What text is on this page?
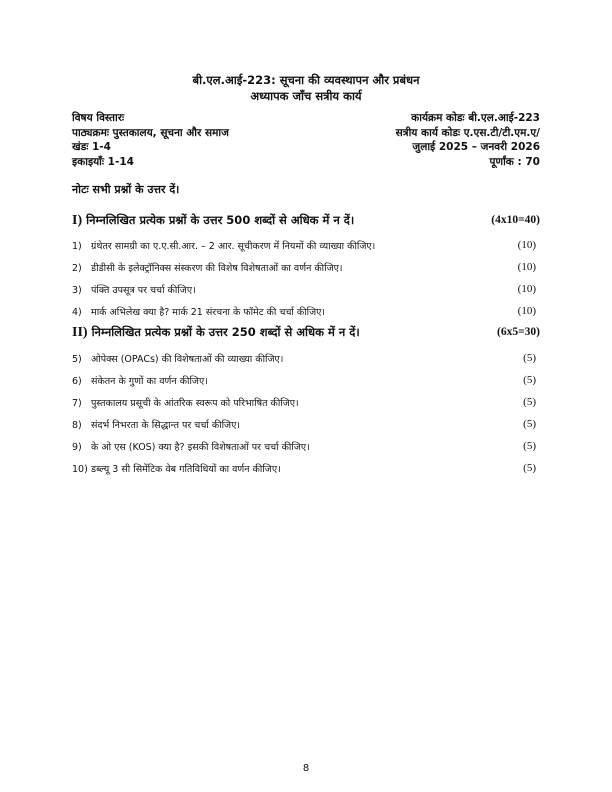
बी.एल.आई-223: सूचना की व्यवस्थापन और प्रबंधन
अध्यापक जाँच सत्रीय कार्य
विषय विस्तारः	कार्यक्रम कोडः बी.एल.आई-223
पाठ्यक्रमः पुस्तकालय, सूचना और समाज	सत्रीय कार्य कोडः ए.एस.टी/टी.एम.ए/
खंडः 1-4	जुलाई 2025 – जनवरी 2026
इकाइयाँः 1-14	पूर्णांक : 70
नोटः सभी प्रश्नों के उत्तर दें।
I) निम्नलिखित प्रत्येक प्रश्नों के उत्तर 500 शब्दों से अधिक में न दें।	(4x10=40)
1) ग्रंथेतर सामग्री का ए.ए.सी.आर. – 2 आर. सूचीकरण में नियमों की व्याख्या कीजिए।	(10)
2) डीडीसी के इलेक्ट्रॉनिक्स संस्करण की विशेष विशेषताओं का वर्णन कीजिए।	(10)
3) पंक्ति उपसूत्र पर चर्चा कीजिए।	(10)
4) मार्क अभिलेख क्या है? मार्क 21 संरचना के फॉमेट की चर्चा कीजिए।	(10)
II) निम्नलिखित प्रत्येक प्रश्नों के उत्तर 250 शब्दों से अधिक में न दें।	(6x5=30)
5) ओपेक्स (OPACs) की विशेषताओं की व्याख्या कीजिए।	(5)
6) संकेतन के गुणों का वर्णन कीजिए।	(5)
7) पुस्तकालय प्रसूची के आंतरिक स्वरूप को परिभाषित कीजिए।	(5)
8) संदर्भ निभरता के सिद्धान्त पर चर्चा कीजिए।	(5)
9) के ओ एस (KOS) क्या है? इसकी विशेषताओं पर चर्चा कीजिए।	(5)
10) डब्ल्यू 3 सी सिमेंटिक वेब गतिविधियों का वर्णन कीजिए।	(5)
8
